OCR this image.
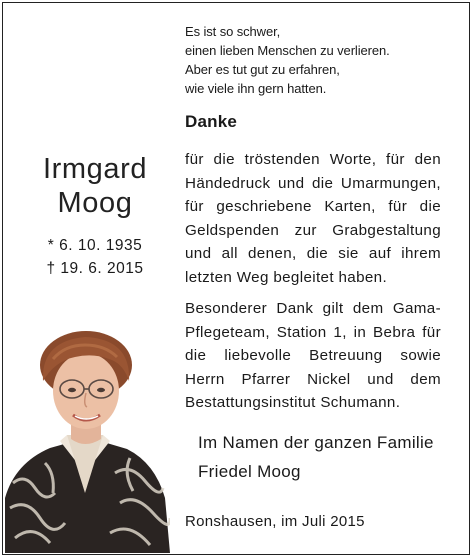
Es ist so schwer,
einen lieben Menschen zu verlieren.
Aber es tut gut zu erfahren,
wie viele ihn gern hatten.
Danke
für die tröstenden Worte, für den
Händedruck und die Umarmungen,
für geschriebene Karten, für die
Geldspenden zur Grabgestaltung
und all denen, die sie auf ihrem
letzten Weg begleitet haben.
Besonderer Dank gilt dem Gama-
Pflegeteam, Station 1, in Bebra für
die liebevolle Betreuung sowie
Herrn Pfarrer Nickel und dem
Bestattungsinstitut Schumann.
Irmgard
Moog
* 6. 10. 1935
† 19. 6. 2015
Im Namen der ganzen Familie
Friedel Moog
Ronshausen, im Juli 2015
